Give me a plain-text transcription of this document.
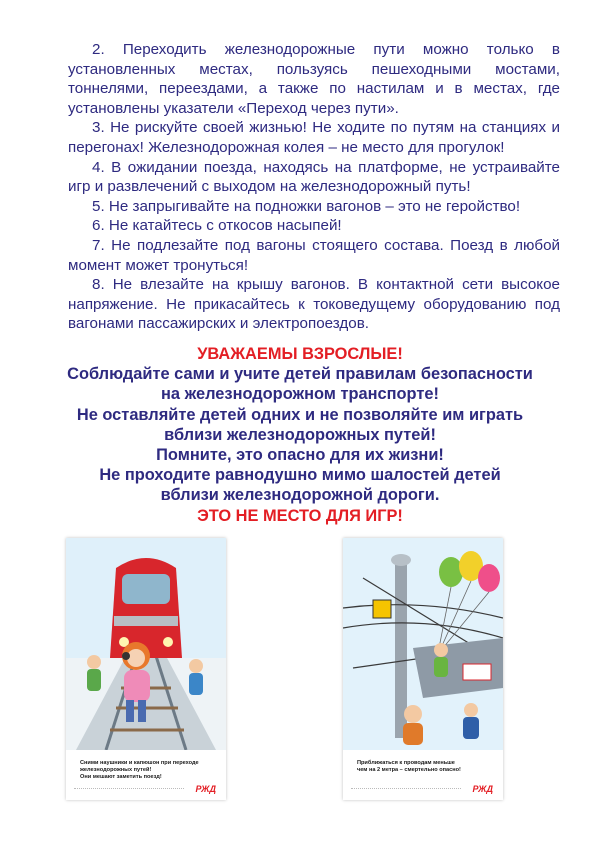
2. Переходить железнодорожные пути можно только в установленных местах, пользуясь пешеходными мостами, тоннелями, переездами, а также по настилам и в местах, где установлены указатели «Переход через пути».

3. Не рискуйте своей жизнью! Не ходите по путям на станциях и перегонах! Железнодорожная колея – не место для прогулок!

4. В ожидании поезда, находясь на платформе, не устраивайте игр и развлечений с выходом на железнодорожный путь!

5. Не запрыгивайте на подножки вагонов – это не геройство!

6. Не катайтесь с откосов насыпей!

7. Не подлезайте под вагоны стоящего состава. Поезд в любой момент может тронуться!

8. Не влезайте на крышу вагонов. В контактной сети высокое напряжение. Не прикасайтесь к токоведущему оборудованию под вагонами пассажирских и электропоездов.

УВАЖАЕМЫ ВЗРОСЛЫЕ!
Соблюдайте сами и учите детей правилам безопасности
на железнодорожном транспорте!
Не оставляйте детей одних и не позволяйте им играть
вблизи железнодорожных путей!
Помните, это опасно для их жизни!
Не проходите равнодушно мимо шалостей детей
вблизи железнодорожной дороги.
ЭТО НЕ МЕСТО ДЛЯ ИГР!
Сними наушники и капюшон при переходе
железнодорожных путей!
Они мешают заметить поезд!
РЖД
Приближаться к проводам меньше
чем на 2 метра – смертельно опасно!
РЖД
